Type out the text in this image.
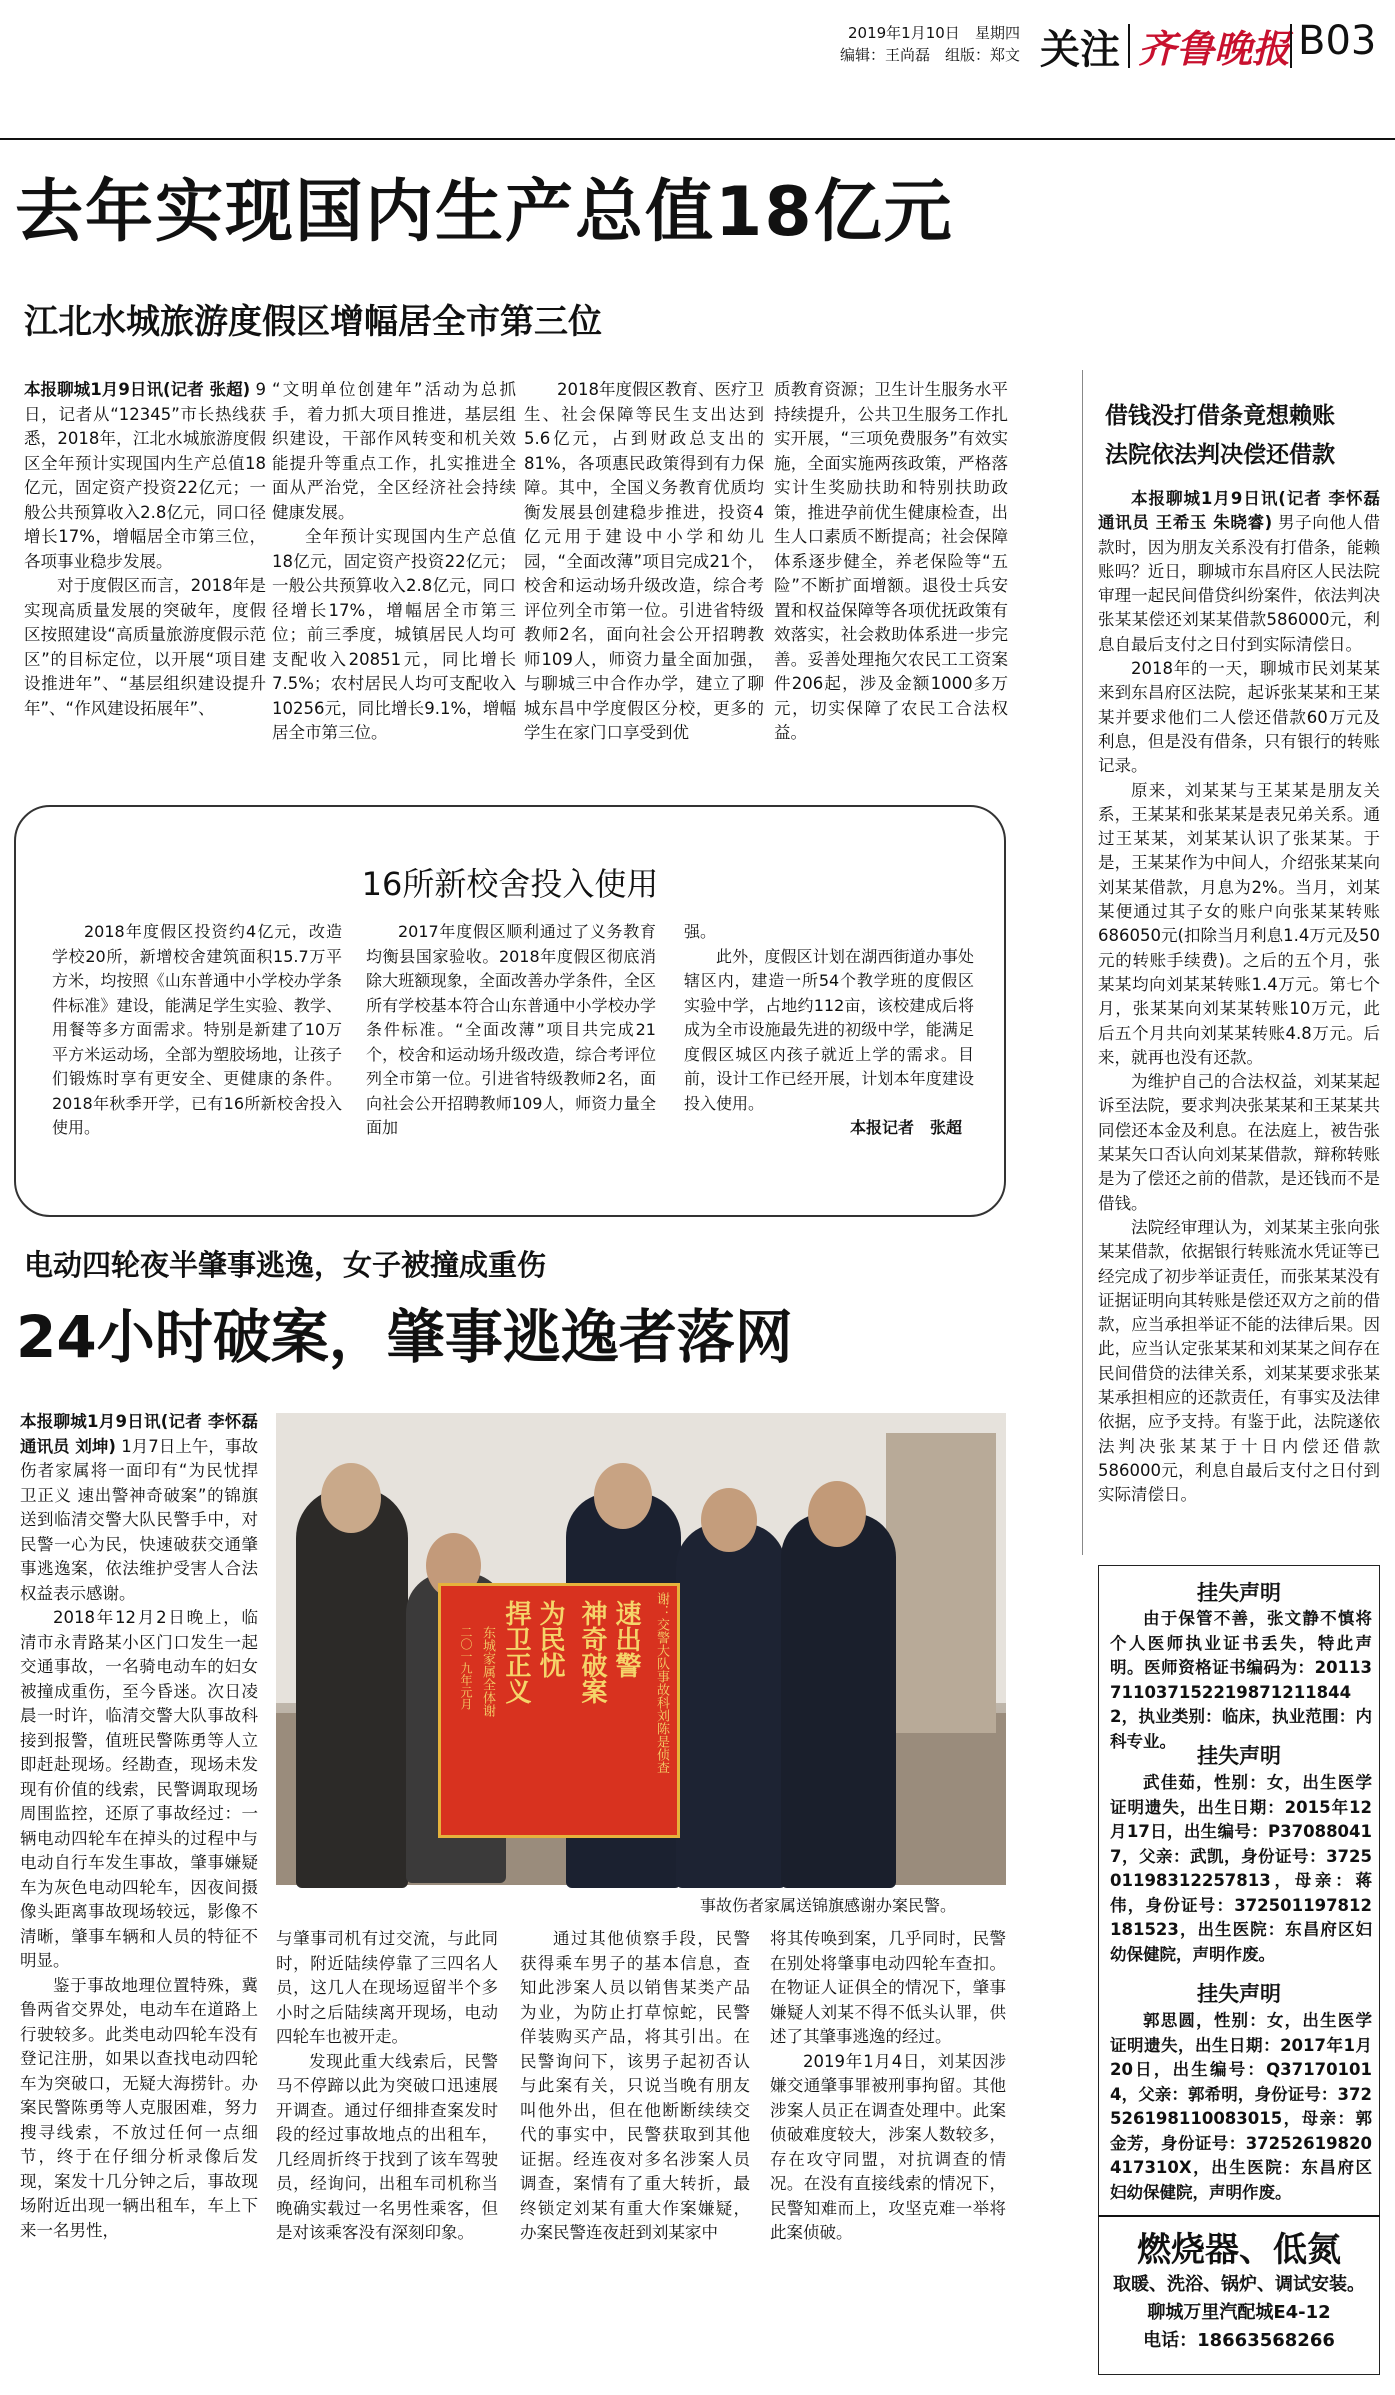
2019年1月10日 星期四
编辑：王尚磊 组版：郑文 关注 齐鲁晚报 B03
去年实现国内生产总值18亿元
江北水城旅游度假区增幅居全市第三位

本报聊城1月9日讯(记者 张超) 9日，记者从“12345”市长热线获悉，2018年，江北水城旅游度假区全年预计实现国内生产总值18亿元，固定资产投资22亿元；一般公共预算收入2.8亿元，同口径增长17%，增幅居全市第三位，各项事业稳步发展。

对于度假区而言，2018年是实现高质量发展的突破年，度假区按照建设“高质量旅游度假示范区”的目标定位，以开展“项目建设推进年”、“基层组织建设提升年”、“作风建设拓展年”、

“文明单位创建年”活动为总抓手，着力抓大项目推进，基层组织建设，干部作风转变和机关效能提升等重点工作，扎实推进全面从严治党，全区经济社会持续健康发展。

全年预计实现国内生产总值18亿元，固定资产投资22亿元；一般公共预算收入2.8亿元，同口径增长17%，增幅居全市第三位；前三季度，城镇居民人均可支配收入20851元，同比增长7.5%；农村居民人均可支配收入10256元，同比增长9.1%，增幅居全市第三位。

2018年度假区教育、医疗卫生、社会保障等民生支出达到5.6亿元，占到财政总支出的81%，各项惠民政策得到有力保障。其中，全国义务教育优质均衡发展县创建稳步推进，投资4亿元用于建设中小学和幼儿园，“全面改薄”项目完成21个，校舍和运动场升级改造，综合考评位列全市第一位。引进省特级教师2名，面向社会公开招聘教师109人，师资力量全面加强，与聊城三中合作办学，建立了聊城东昌中学度假区分校，更多的学生在家门口享受到优

质教育资源；卫生计生服务水平持续提升，公共卫生服务工作扎实开展，“三项免费服务”有效实施，全面实施两孩政策，严格落实计生奖励扶助和特别扶助政策，推进孕前优生健康检查，出生人口素质不断提高；社会保障体系逐步健全，养老保险等“五险”不断扩面增额。退役士兵安置和权益保障等各项优抚政策有效落实，社会救助体系进一步完善。妥善处理拖欠农民工工资案件206起，涉及金额1000多万元，切实保障了农民工合法权益。

16所新校舍投入使用

2018年度假区投资约4亿元，改造学校20所，新增校舍建筑面积15.7万平方米，均按照《山东普通中小学校办学条件标准》建设，能满足学生实验、教学、用餐等多方面需求。特别是新建了10万平方米运动场，全部为塑胶场地，让孩子们锻炼时享有更安全、更健康的条件。2018年秋季开学，已有16所新校舍投入使用。

2017年度假区顺利通过了义务教育均衡县国家验收。2018年度假区彻底消除大班额现象，全面改善办学条件，全区所有学校基本符合山东普通中小学校办学条件标准。“全面改薄”项目共完成21个，校舍和运动场升级改造，综合考评位列全市第一位。引进省特级教师2名，面向社会公开招聘教师109人，师资力量全面加

强。

此外，度假区计划在湖西街道办事处辖区内，建造一所54个教学班的度假区实验中学，占地约112亩，该校建成后将成为全市设施最先进的初级中学，能满足度假区城区内孩子就近上学的需求。目前，设计工作已经开展，计划本年度建设投入使用。

本报记者　张超
电动四轮夜半肇事逃逸，女子被撞成重伤
24小时破案，肇事逃逸者落网

本报聊城1月9日讯(记者 李怀磊 通讯员 刘坤) 1月7日上午，事故伤者家属将一面印有“为民忧捍卫正义 速出警神奇破案”的锦旗送到临清交警大队民警手中，对民警一心为民，快速破获交通肇事逃逸案，依法维护受害人合法权益表示感谢。

2018年12月2日晚上，临清市永青路某小区门口发生一起交通事故，一名骑电动车的妇女被撞成重伤，至今昏迷。次日凌晨一时许，临清交警大队事故科接到报警，值班民警陈勇等人立即赶赴现场。经勘查，现场未发现有价值的线索，民警调取现场周围监控，还原了事故经过：一辆电动四轮车在掉头的过程中与电动自行车发生事故，肇事嫌疑车为灰色电动四轮车，因夜间摄像头距离事故现场较远，影像不清晰，肇事车辆和人员的特征不明显。

鉴于事故地理位置特殊，冀鲁两省交界处，电动车在道路上行驶较多。此类电动四轮车没有登记注册，如果以查找电动四轮车为突破口，无疑大海捞针。办案民警陈勇等人克服困难，努力搜寻线索，不放过任何一点细节，终于在仔细分析录像后发现，案发十几分钟之后，事故现场附近出现一辆出租车，车上下来一名男性，

谢：交警大队事故科刘陈是侦查
速出警
神奇破案
为民忧
捍卫正义
东城家属全体谢
二〇一九年元月
事故伤者家属送锦旗感谢办案民警。

与肇事司机有过交流，与此同时，附近陆续停靠了三四名人员，这几人在现场逗留半个多小时之后陆续离开现场，电动四轮车也被开走。

发现此重大线索后，民警马不停蹄以此为突破口迅速展开调查。通过仔细排查案发时段的经过事故地点的出租车，几经周折终于找到了该车驾驶员，经询问，出租车司机称当晚确实载过一名男性乘客，但是对该乘客没有深刻印象。

通过其他侦察手段，民警获得乘车男子的基本信息，查知此涉案人员以销售某类产品为业，为防止打草惊蛇，民警佯装购买产品，将其引出。在民警询问下，该男子起初否认与此案有关，只说当晚有朋友叫他外出，但在他断断续续交代的事实中，民警获取到其他证据。经连夜对多名涉案人员调查，案情有了重大转折，最终锁定刘某有重大作案嫌疑，办案民警连夜赶到刘某家中

将其传唤到案，几乎同时，民警在别处将肇事电动四轮车查扣。在物证人证俱全的情况下，肇事嫌疑人刘某不得不低头认罪，供述了其肇事逃逸的经过。

2019年1月4日，刘某因涉嫌交通肇事罪被刑事拘留。其他涉案人员正在调查处理中。此案侦破难度较大，涉案人数较多，存在攻守同盟，对抗调查的情况。在没有直接线索的情况下，民警知难而上，攻坚克难一举将此案侦破。

借钱没打借条竟想赖账
法院依法判决偿还借款

本报聊城1月9日讯(记者 李怀磊 通讯员 王希玉 朱晓睿) 男子向他人借款时，因为朋友关系没有打借条，能赖账吗？近日，聊城市东昌府区人民法院审理一起民间借贷纠纷案件，依法判决张某某偿还刘某某借款586000元，利息自最后支付之日付到实际清偿日。

2018年的一天，聊城市民刘某某来到东昌府区法院，起诉张某某和王某某并要求他们二人偿还借款60万元及利息，但是没有借条，只有银行的转账记录。

原来，刘某某与王某某是朋友关系，王某某和张某某是表兄弟关系。通过王某某，刘某某认识了张某某。于是，王某某作为中间人，介绍张某某向刘某某借款，月息为2%。当月，刘某某便通过其子女的账户向张某某转账686050元(扣除当月利息1.4万元及50元的转账手续费)。之后的五个月，张某某均向刘某某转账1.4万元。第七个月，张某某向刘某某转账10万元，此后五个月共向刘某某转账4.8万元。后来，就再也没有还款。

为维护自己的合法权益，刘某某起诉至法院，要求判决张某某和王某某共同偿还本金及利息。在法庭上，被告张某某矢口否认向刘某某借款，辩称转账是为了偿还之前的借款，是还钱而不是借钱。

法院经审理认为，刘某某主张向张某某借款，依据银行转账流水凭证等已经完成了初步举证责任，而张某某没有证据证明向其转账是偿还双方之前的借款，应当承担举证不能的法律后果。因此，应当认定张某某和刘某某之间存在民间借贷的法律关系，刘某某要求张某某承担相应的还款责任，有事实及法律依据，应予支持。有鉴于此，法院遂依法判决张某某于十日内偿还借款586000元，利息自最后支付之日付到实际清偿日。

挂失声明
由于保管不善，张文静不慎将个人医师执业证书丢失，特此声明。医师资格证书编码为：201137110371522198712118442，执业类别：临床，执业范围：内科专业。
挂失声明
武佳茹，性别：女，出生医学证明遗失，出生日期：2015年12月17日，出生编号：P370880417，父亲：武凯，身份证号：372501198312257813，母亲：蒋伟，身份证号：372501197812181523，出生医院：东昌府区妇幼保健院，声明作废。
挂失声明
郭思圆，性别：女，出生医学证明遗失，出生日期：2017年1月20日，出生编号：Q371701014，父亲：郭希明，身份证号：372526198110083015，母亲：郭金芳，身份证号：37252619820417310X，出生医院：东昌府区妇幼保健院，声明作废。
燃烧器、低氮
取暖、洗浴、锅炉、调试安装。
聊城万里汽配城E4-12
电话：18663568266
